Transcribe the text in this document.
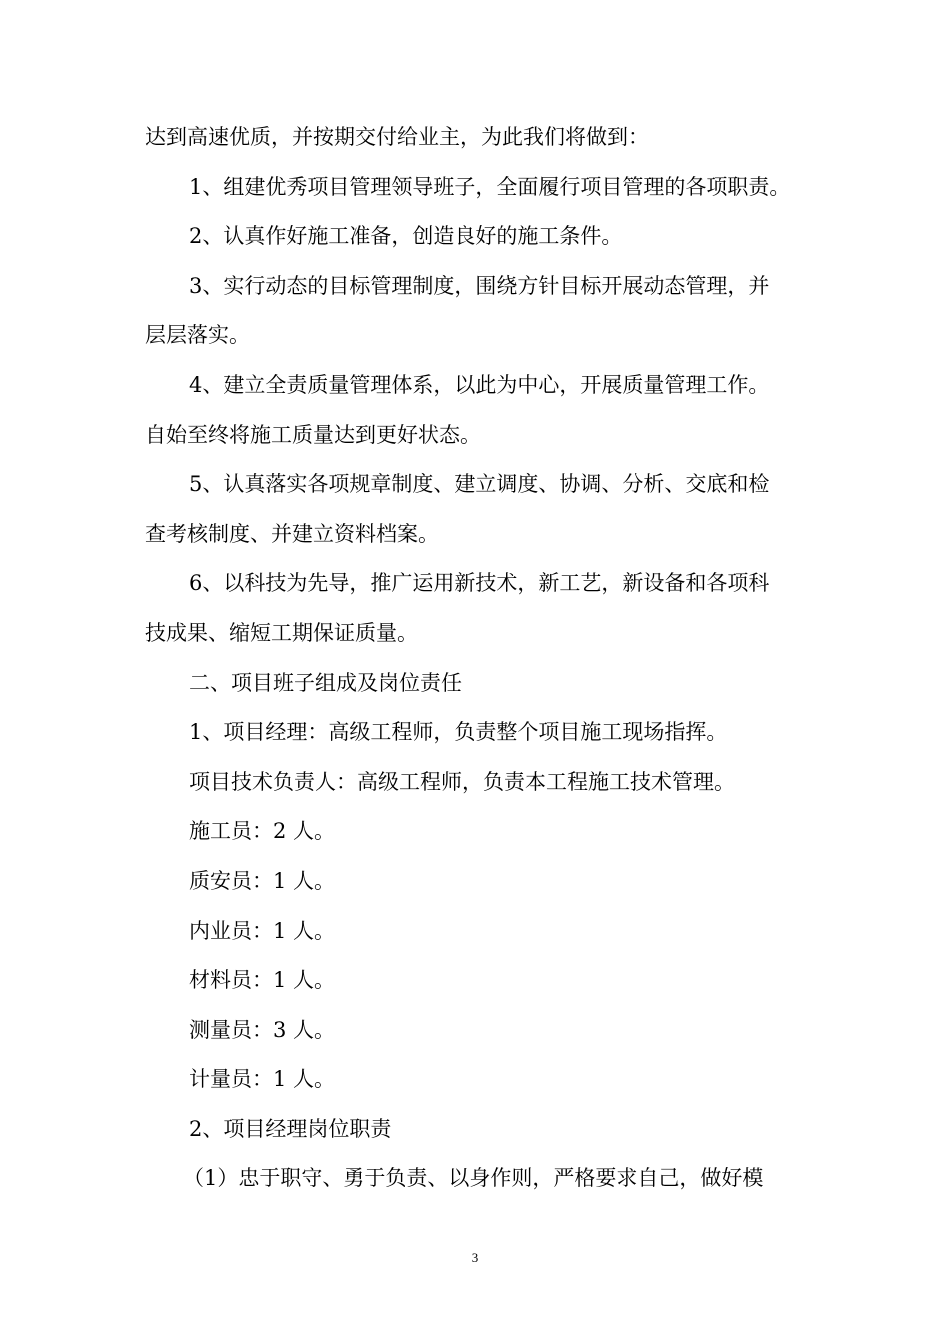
达到高速优质，并按期交付给业主，为此我们将做到：
1、组建优秀项目管理领导班子，全面履行项目管理的各项职责。
2、认真作好施工准备，创造良好的施工条件。
3、实行动态的目标管理制度，围绕方针目标开展动态管理，并
层层落实。
4、建立全责质量管理体系，以此为中心，开展质量管理工作。
自始至终将施工质量达到更好状态。
5、认真落实各项规章制度、建立调度、协调、分析、交底和检
查考核制度、并建立资料档案。
6、以科技为先导，推广运用新技术，新工艺，新设备和各项科
技成果、缩短工期保证质量。
二、项目班子组成及岗位责任
1、项目经理：高级工程师，负责整个项目施工现场指挥。
项目技术负责人：高级工程师，负责本工程施工技术管理。
施工员：2 人。
质安员：1 人。
内业员：1 人。
材料员：1 人。
测量员：3 人。
计量员：1 人。
2、项目经理岗位职责
（1）忠于职守、勇于负责、以身作则，严格要求自己，做好模
3
